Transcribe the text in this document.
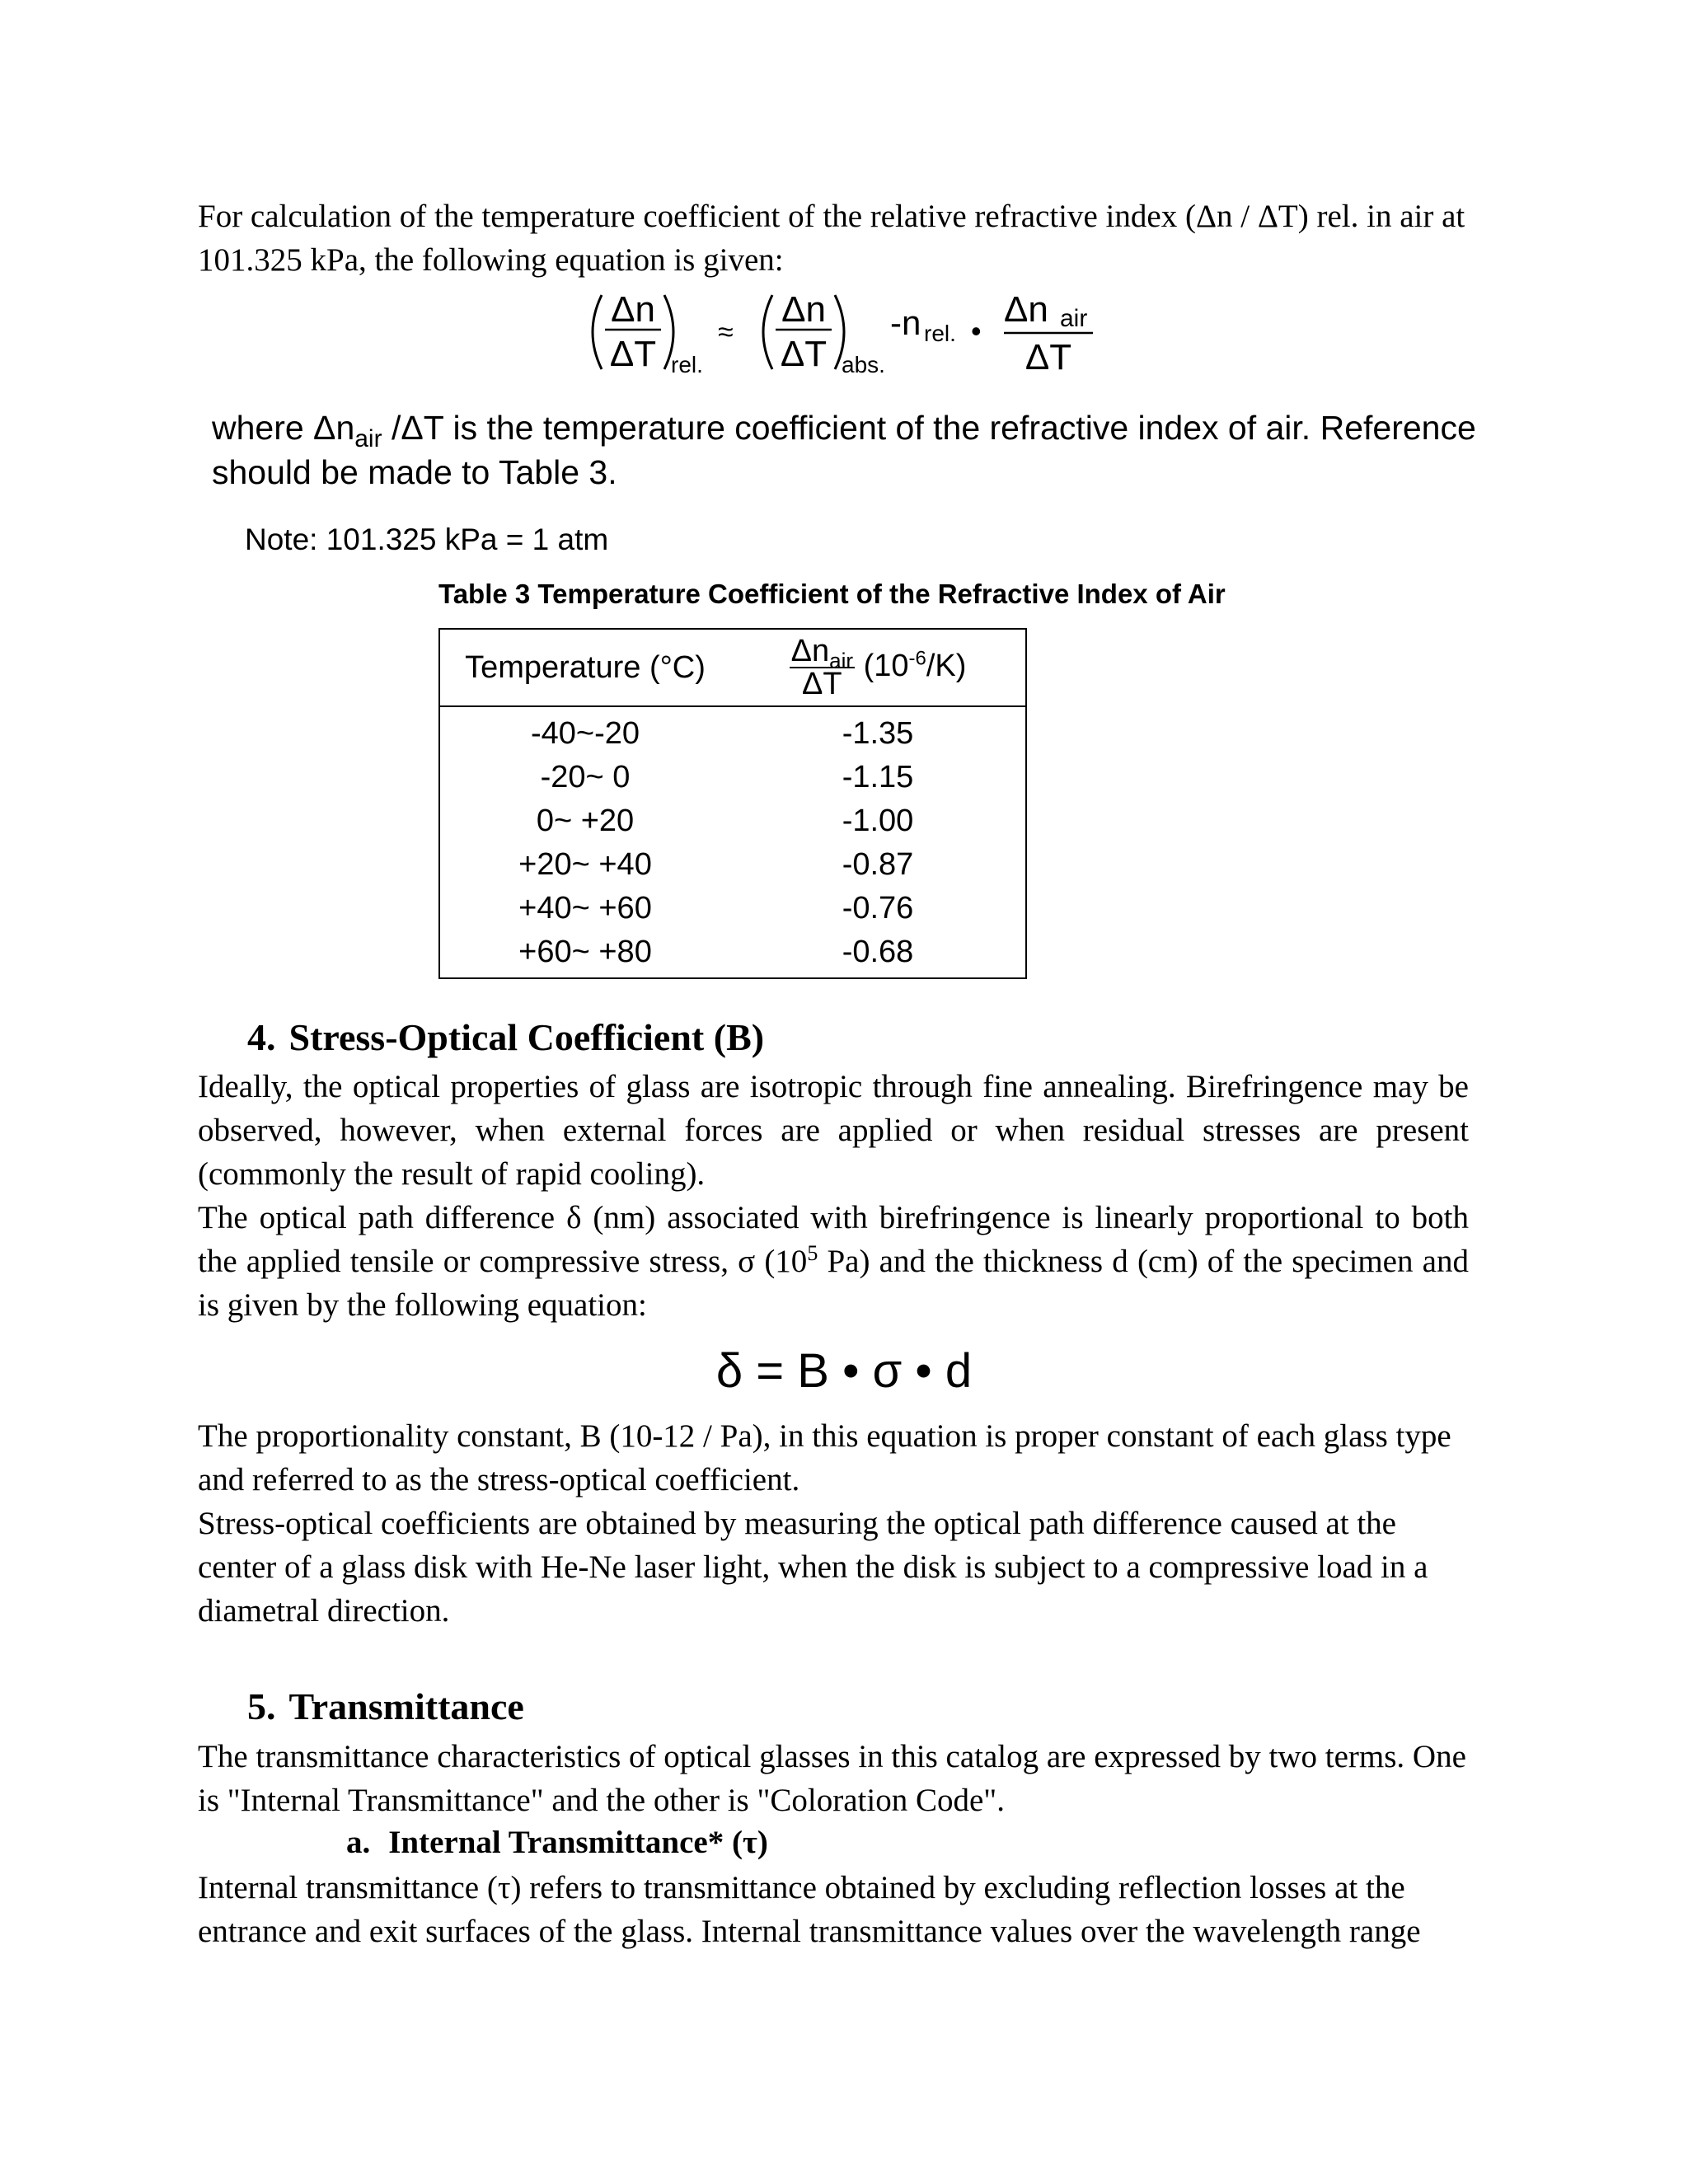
For calculation of the temperature coefficient of the relative refractive index (Δn / ΔT) rel. in air at 101.325 kPa, the following equation is given:

Δn
ΔT rel.
≈
Δn
ΔT abs.
-n rel. •
Δn air
ΔT

where $\Delta n_{air}$ /ΔT is the temperature coefficient of the refractive index of air. Reference should be made to Table 3.

Note: 101.325 kPa = 1 atm

Table 3 Temperature Coefficient of the Refractive Index of Air

Temperature (°C)	$\frac{\Delta n_{air}}{\Delta T} (10^{-6}/K)$
-40~-20	-1.35
-20~ 0	-1.15
0~ +20	-1.00
+20~ +40	-0.87
+40~ +60	-0.76
+60~ +80	-0.68
4. Stress-Optical Coefficient (B)

Ideally, the optical properties of glass are isotropic through fine annealing. Birefringence may be observed, however, when external forces are applied or when residual stresses are present (commonly the result of rapid cooling).

The optical path difference δ (nm) associated with birefringence is linearly proportional to both the applied tensile or compressive stress, σ ($10^5$ Pa) and the thickness d (cm) of the specimen and is given by the following equation:

δ = B • σ • d

The proportionality constant, B (10-12 / Pa), in this equation is proper constant of each glass type and referred to as the stress-optical coefficient.

Stress-optical coefficients are obtained by measuring the optical path difference caused at the center of a glass disk with He-Ne laser light, when the disk is subject to a compressive load in a diametral direction.

5. Transmittance

The transmittance characteristics of optical glasses in this catalog are expressed by two terms. One is "Internal Transmittance" and the other is "Coloration Code".

a. Internal Transmittance* (τ)

Internal transmittance (τ) refers to transmittance obtained by excluding reflection losses at the entrance and exit surfaces of the glass. Internal transmittance values over the wavelength range
